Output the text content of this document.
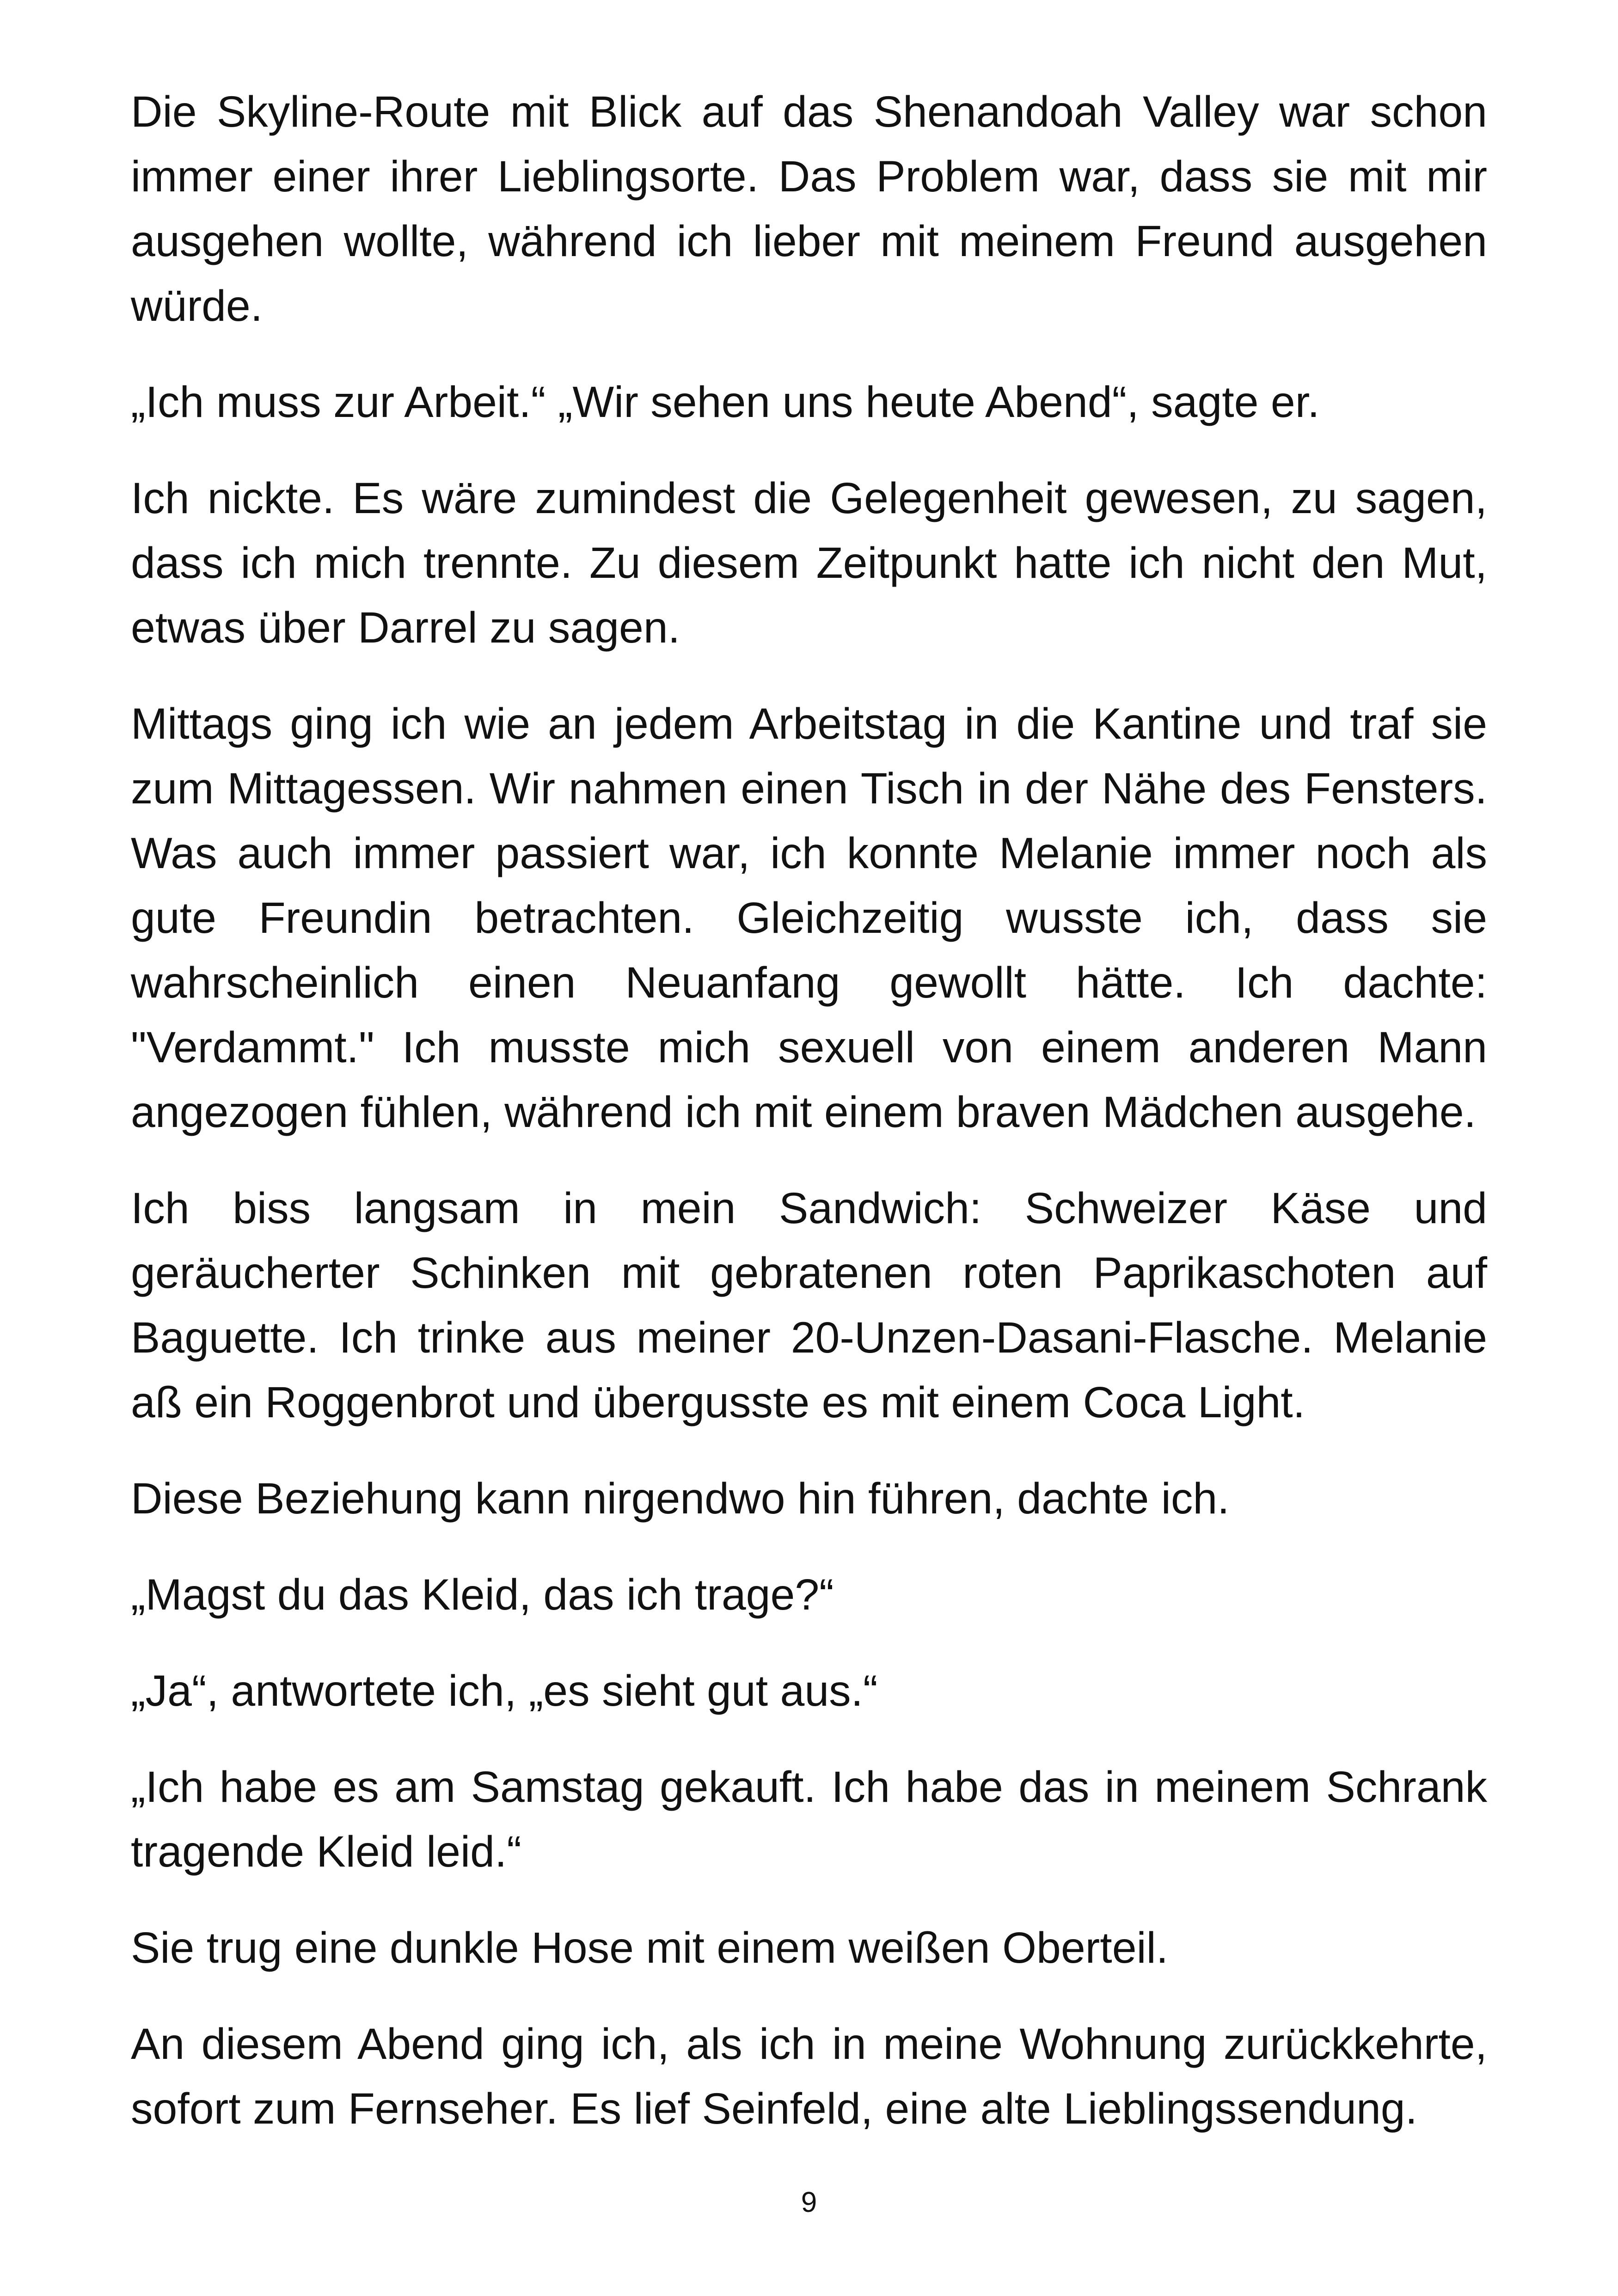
Die Skyline-Route mit Blick auf das Shenandoah Valley war schon immer einer ihrer Lieblingsorte. Das Problem war, dass sie mit mir ausgehen wollte, während ich lieber mit meinem Freund ausgehen würde.

„Ich muss zur Arbeit.“ „Wir sehen uns heute Abend“, sagte er.

Ich nickte. Es wäre zumindest die Gelegenheit gewesen, zu sagen, dass ich mich trennte. Zu diesem Zeitpunkt hatte ich nicht den Mut, etwas über Darrel zu sagen.

Mittags ging ich wie an jedem Arbeitstag in die Kantine und traf sie zum Mittagessen. Wir nahmen einen Tisch in der Nähe des Fensters. Was auch immer passiert war, ich konnte Melanie immer noch als gute Freundin betrachten. Gleichzeitig wusste ich, dass sie wahrscheinlich einen Neuanfang gewollt hätte. Ich dachte: "Verdammt." Ich musste mich sexuell von einem anderen Mann angezogen fühlen, während ich mit einem braven Mädchen ausgehe.

Ich biss langsam in mein Sandwich: Schweizer Käse und geräucherter Schinken mit gebratenen roten Paprikaschoten auf Baguette. Ich trinke aus meiner 20-Unzen-Dasani-Flasche. Melanie aß ein Roggenbrot und übergusste es mit einem Coca Light.

Diese Beziehung kann nirgendwo hin führen, dachte ich.

„Magst du das Kleid, das ich trage?“

„Ja“, antwortete ich, „es sieht gut aus.“

„Ich habe es am Samstag gekauft. Ich habe das in meinem Schrank tragende Kleid leid.“

Sie trug eine dunkle Hose mit einem weißen Oberteil.

An diesem Abend ging ich, als ich in meine Wohnung zurückkehrte, sofort zum Fernseher. Es lief Seinfeld, eine alte Lieblingssendung.

9
